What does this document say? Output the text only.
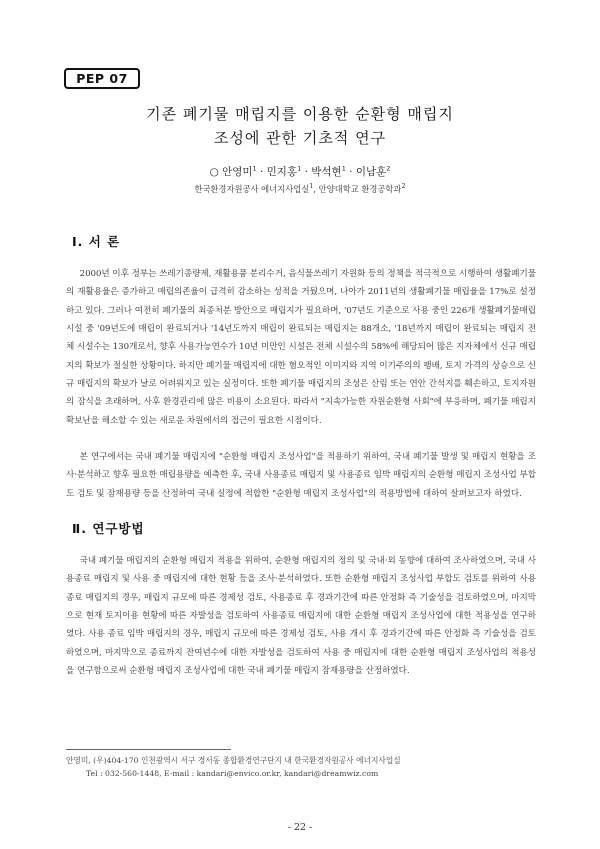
PEP 07
기존 폐기물 매립지를 이용한 순환형 매립지
조성에 관한 기초적 연구
○ 안영미$^1$ · 민지홍$^1$ · 박석현$^1$ · 이남훈$^2$
한국환경자원공사 에너지사업실$^1$, 안양대학교 환경공학과$^2$
Ⅰ. 서 론

2000년 이후 정부는 쓰레기종량제, 재활용품 분리수거, 음식물쓰레기 자원화 등의 정책을 적극적으로 시행하여 생활폐기물의 재활용율은 증가하고 매립의존율이 급격히 감소하는 성적을 거뒀으며, 나아가 2011년의 생활폐기물 매립율을 17%로 설정하고 있다. 그러나 여전히 폐기물의 최종처분 방안으로 매립지가 필요하며, '07년도 기준으로 사용 중인 226개 생활폐기물매립시설 중 '09년도에 매립이 완료되거나 '14년도까지 매립이 완료되는 매립지는 88개소, '18년까지 매립이 완료되는 매립지 전체 시설수는 130개로서, 향후 사용가능연수가 10년 미만인 시설은 전체 시설수의 58%에 해당되어 많은 지자체에서 신규 매립지의 확보가 절실한 상황이다. 하지만 폐기물 매립지에 대한 혐오적인 이미지와 지역 이기주의의 팽배, 토지 가격의 상승으로 신규 매립지의 확보가 날로 어려워지고 있는 실정이다. 또한 폐기물 매립지의 조성은 산림 또는 연안 간석지를 훼손하고, 토지자원의 잠식을 초래하며, 사후 환경관리에 많은 비용이 소요된다. 따라서 "지속가능한 자원순환형 사회"에 부응하며, 폐기물 매립지 확보난을 해소할 수 있는 새로운 차원에서의 접근이 필요한 시점이다.

본 연구에서는 국내 폐기물 매립지에 "순환형 매립지 조성사업"을 적용하기 위하여, 국내 폐기물 발생 및 매립지 현황을 조사·분석하고 향후 필요한 매립용량을 예측한 후, 국내 사용종료 매립지 및 사용종료 임박 매립지의 순환형 매립지 조성사업 부합도 검토 및 잠재용량 등을 산정하여 국내 실정에 적합한 "순환형 매립지 조성사업"의 적용방법에 대하여 살펴보고자 하였다.

Ⅱ. 연구방법

국내 폐기물 매립지의 순환형 매립지 적용을 위하여, 순환형 매립지의 정의 및 국내·외 동향에 대하여 조사하였으며, 국내 사용종료 매립지 및 사용 중 매립지에 대한 현황 등을 조사·분석하였다. 또한 순환형 매립지 조성사업 부합도 검토를 위하여 사용종료 매립지의 경우, 매립지 규모에 따른 경제성 검토, 사용종료 후 경과기간에 따른 안정화 즉 기술성을 검토하였으며, 마지막으로 현재 토지이용 현황에 따른 자발성을 검토하여 사용종료 매립지에 대한 순환형 매립지 조성사업에 대한 적용성을 연구하였다. 사용 종료 임박 매립지의 경우, 매립지 규모에 따른 경제성 검토, 사용 개시 후 경과기간에 따른 안정화 즉 기술성을 검토하였으며, 마지막으로 종료까지 잔여년수에 대한 자발성을 검토하여 사용 중 매립지에 대한 순환형 매립지 조성사업의 적용성을 연구함으로써 순환형 매립지 조성사업에 대한 국내 폐기물 매립지 잠재용량을 산정하였다.

안영미, (우)404-170 인천광역시 서구 경서동 종합환경연구단지 내 한국환경자원공사 에너지사업실
Tel : 032-560-1448, E-mail : kandari@envico.or.kr, kandari@dreamwiz.com
- 22 -
